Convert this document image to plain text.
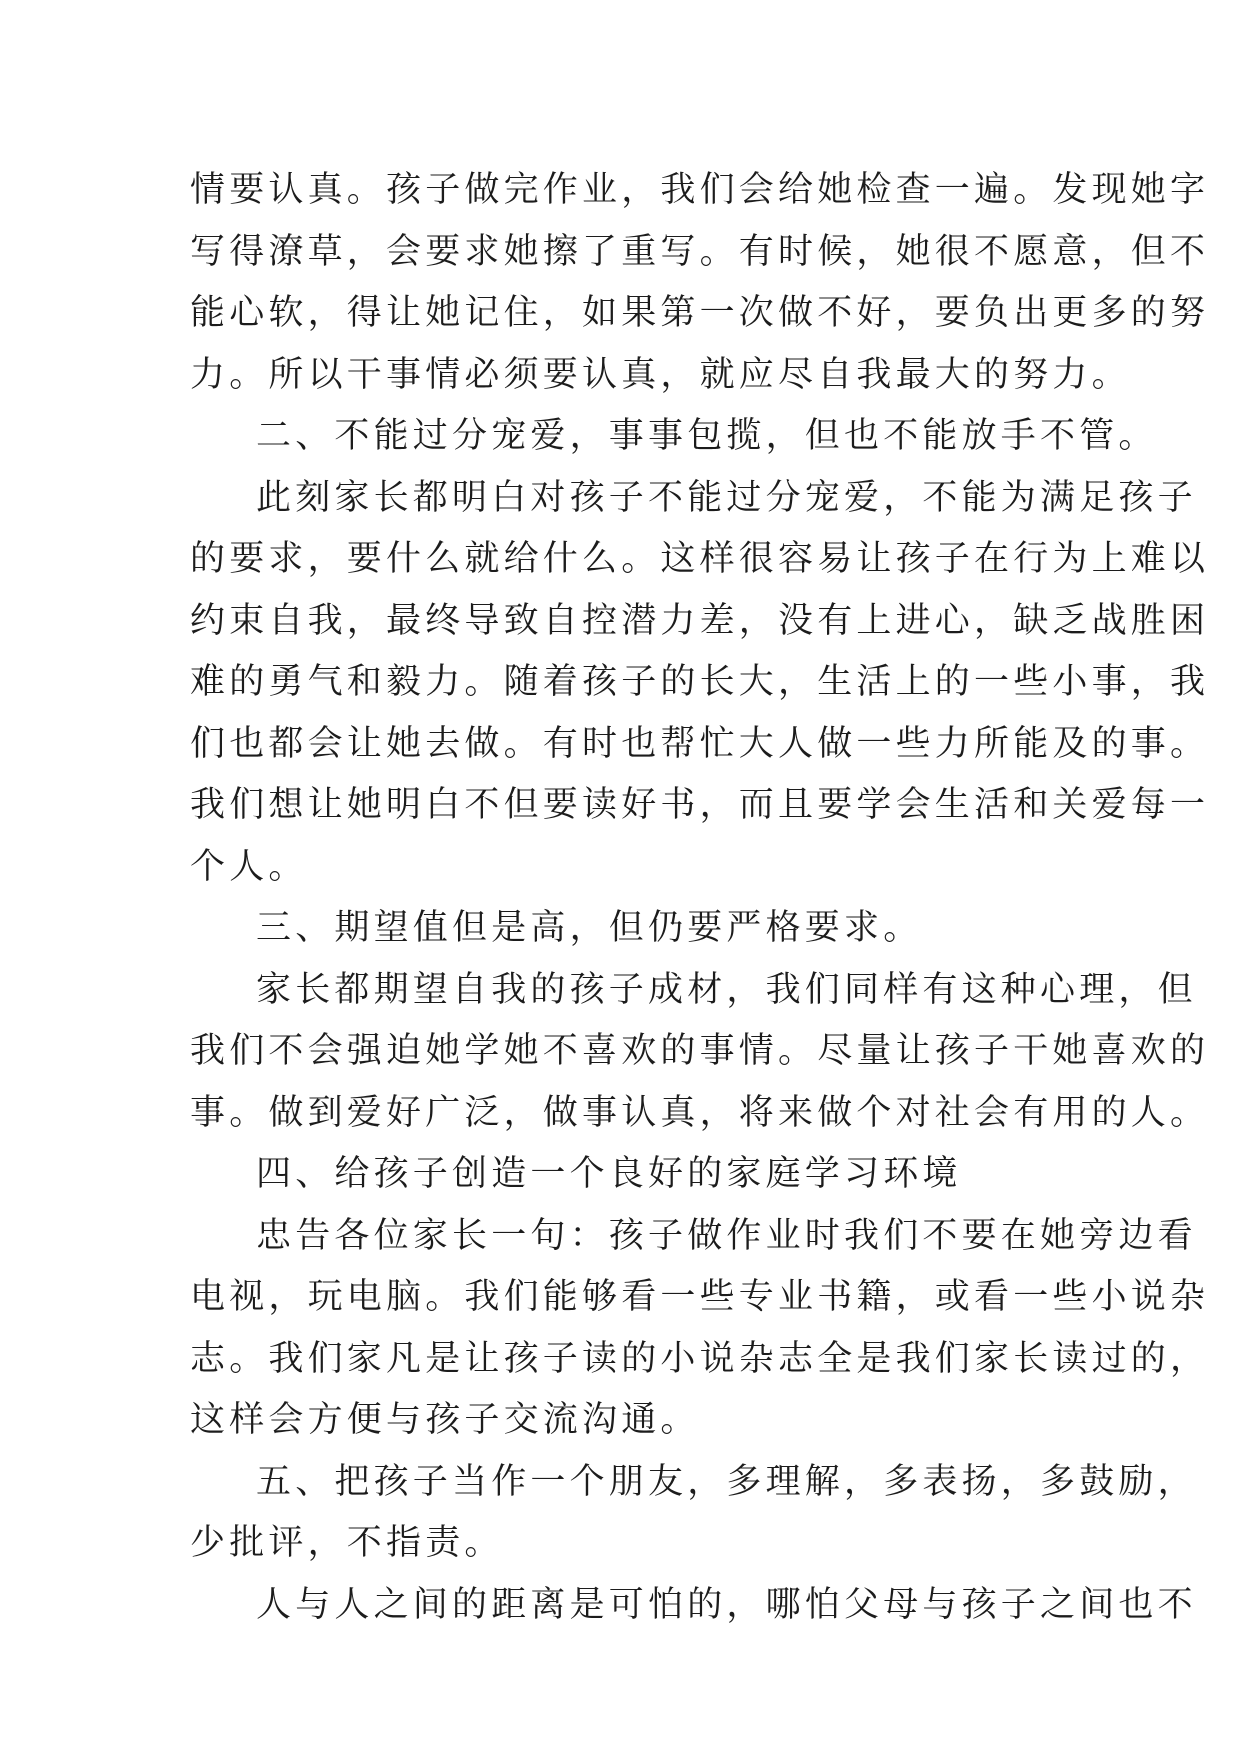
情要认真。孩子做完作业，我们会给她检查一遍。发现她字
写得潦草，会要求她擦了重写。有时候，她很不愿意，但不
能心软，得让她记住，如果第一次做不好，要负出更多的努
力。所以干事情必须要认真，就应尽自我最大的努力。
二、不能过分宠爱，事事包揽，但也不能放手不管。
此刻家长都明白对孩子不能过分宠爱，不能为满足孩子
的要求，要什么就给什么。这样很容易让孩子在行为上难以
约束自我，最终导致自控潜力差，没有上进心，缺乏战胜困
难的勇气和毅力。随着孩子的长大，生活上的一些小事，我
们也都会让她去做。有时也帮忙大人做一些力所能及的事。
我们想让她明白不但要读好书，而且要学会生活和关爱每一
个人。
三、期望值但是高，但仍要严格要求。
家长都期望自我的孩子成材，我们同样有这种心理，但
我们不会强迫她学她不喜欢的事情。尽量让孩子干她喜欢的
事。做到爱好广泛，做事认真，将来做个对社会有用的人。
四、给孩子创造一个良好的家庭学习环境
忠告各位家长一句：孩子做作业时我们不要在她旁边看
电视，玩电脑。我们能够看一些专业书籍，或看一些小说杂
志。我们家凡是让孩子读的小说杂志全是我们家长读过的，
这样会方便与孩子交流沟通。
五、把孩子当作一个朋友，多理解，多表扬，多鼓励，
少批评，不指责。
人与人之间的距离是可怕的，哪怕父母与孩子之间也不
